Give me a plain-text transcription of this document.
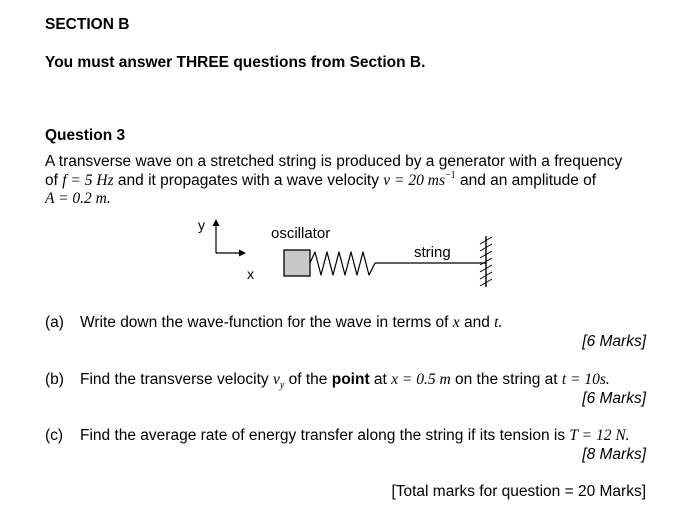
SECTION B
You must answer THREE questions from Section B.
Question 3
A transverse wave on a stretched string is produced by a generator with a frequency
of f = 5 Hz and it propagates with a wave velocity v = 20 $ms^{-1}$ and an amplitude of
A = 0.2 m.
y
x
oscillator
string
(a) Write down the wave-function for the wave in terms of x and t.
[6 Marks]
(b) Find the transverse velocity $v_y$ of the point at x = 0.5 m on the string at t = 10s.
[6 Marks]
(c) Find the average rate of energy transfer along the string if its tension is T = 12 N.
[8 Marks]
[Total marks for question = 20 Marks]
